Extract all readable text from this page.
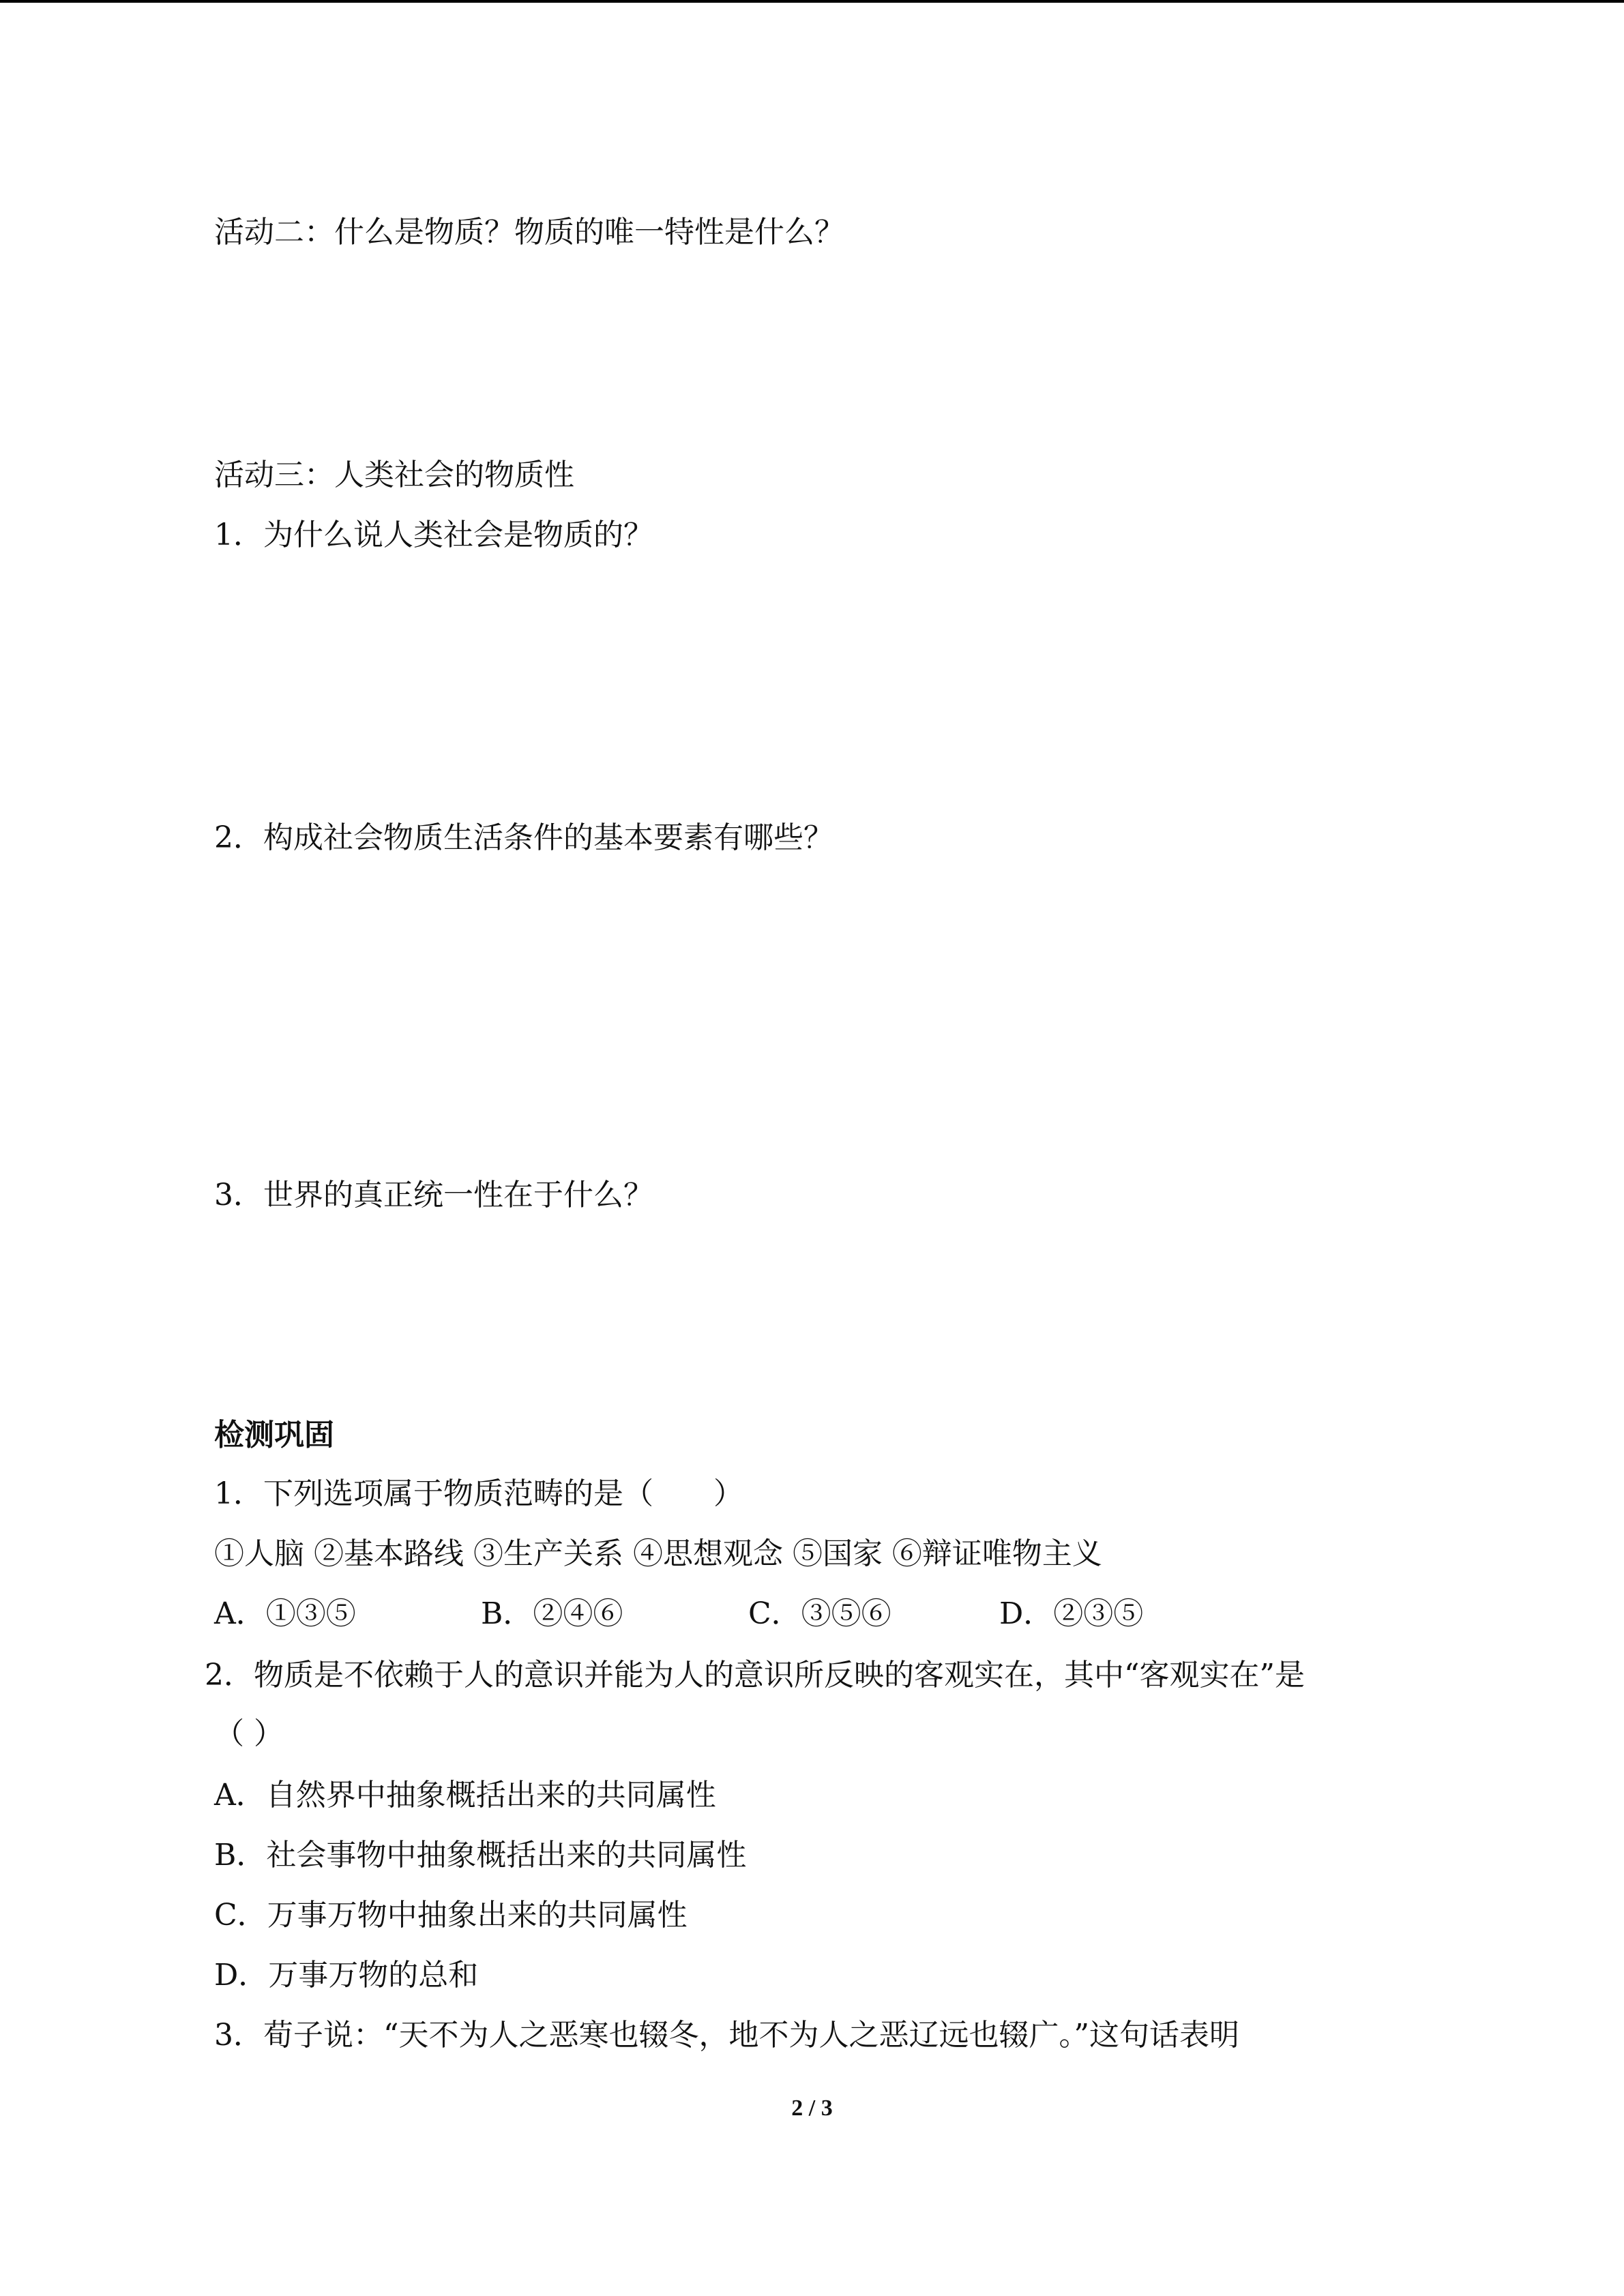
活动二：什么是物质？物质的唯一特性是什么？
活动三：人类社会的物质性
1．为什么说人类社会是物质的？
2．构成社会物质生活条件的基本要素有哪些？
3．世界的真正统一性在于什么？
检测巩固
1．下列选项属于物质范畴的是（　　）
①人脑 ②基本路线 ③生产关系 ④思想观念 ⑤国家 ⑥辩证唯物主义
A．①③⑤	B．②④⑥	C．③⑤⑥	D．②③⑤
2．物质是不依赖于人的意识并能为人的意识所反映的客观实在，其中“客观实在”是
（ ）
A．自然界中抽象概括出来的共同属性
B．社会事物中抽象概括出来的共同属性
C．万事万物中抽象出来的共同属性
D．万事万物的总和
3．荀子说：“天不为人之恶寒也辍冬，地不为人之恶辽远也辍广。”这句话表明
2 / 3
